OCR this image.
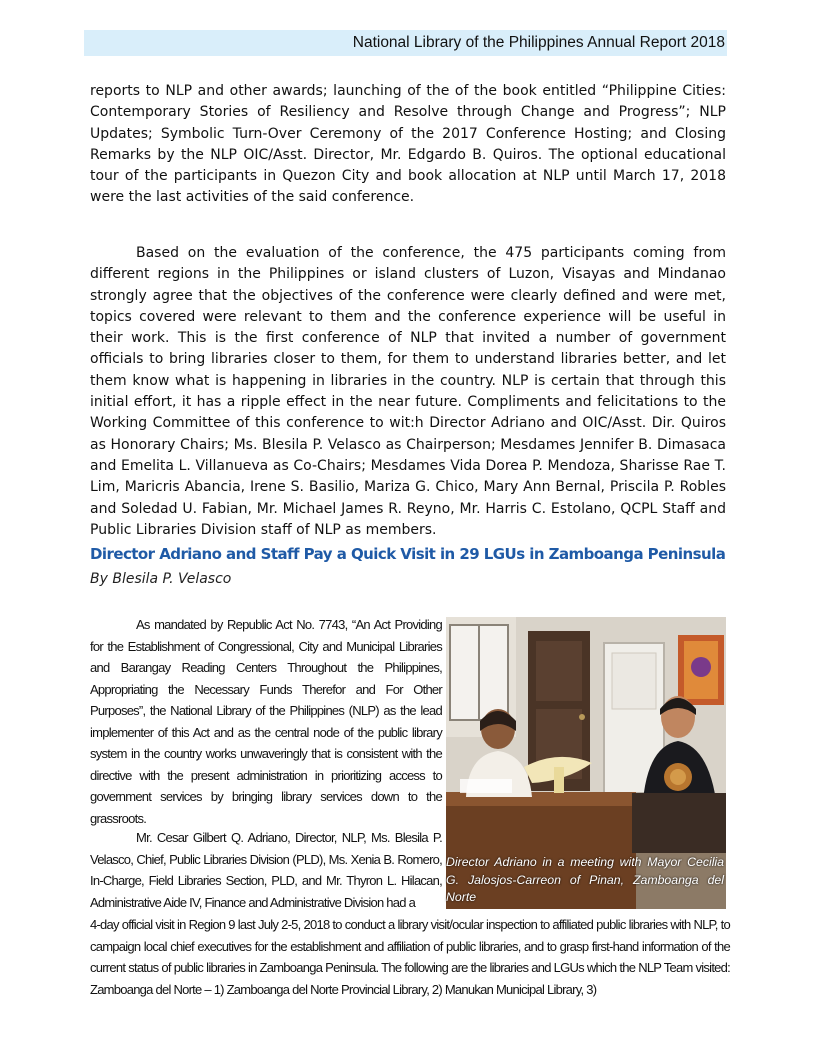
National Library of the Philippines Annual Report 2018

reports to NLP and other awards; launching of the of the book entitled “Philippine Cities: Contemporary Stories of Resiliency and Resolve through Change and Progress”; NLP Updates; Symbolic Turn-Over Ceremony of the 2017 Conference Hosting; and Closing Remarks by the NLP OIC/Asst. Director, Mr. Edgardo B. Quiros. The optional educational tour of the participants in Quezon City and book allocation at NLP until March 17, 2018 were the last activities of the said conference.

Based on the evaluation of the conference, the 475 participants coming from different regions in the Philippines or island clusters of Luzon, Visayas and Mindanao strongly agree that the objectives of the conference were clearly defined and were met, topics covered were relevant to them and the conference experience will be useful in their work. This is the first conference of NLP that invited a number of government officials to bring libraries closer to them, for them to understand libraries better, and let them know what is happening in libraries in the country. NLP is certain that through this initial effort, it has a ripple effect in the near future. Compliments and felicitations to the Working Committee of this conference to wit:h Director Adriano and OIC/Asst. Dir. Quiros as Honorary Chairs; Ms. Blesila P. Velasco as Chairperson; Mesdames Jennifer B. Dimasaca and Emelita L. Villanueva as Co-Chairs; Mesdames Vida Dorea P. Mendoza, Sharisse Rae T. Lim, Maricris Abancia, Irene S. Basilio, Mariza G. Chico, Mary Ann Bernal, Priscila P. Robles and Soledad U. Fabian, Mr. Michael James R. Reyno, Mr. Harris C. Estolano, QCPL Staff and Public Libraries Division staff of NLP as members.

Director Adriano and Staff Pay a Quick Visit in 29 LGUs in Zamboanga Peninsula
By Blesila P. Velasco

As mandated by Republic Act No. 7743, “An Act Providing for the Establishment of Congressional, City and Municipal Libraries and Barangay Reading Centers Throughout the Philippines, Appropriating the Necessary Funds Therefor and For Other Purposes”, the National Library of the Philippines (NLP) as the lead implementer of this Act and as the central node of the public library system in the country works unwaveringly that is consistent with the directive with the present administration in prioritizing access to government services by bringing library services down to the grassroots.

Mr. Cesar Gilbert Q. Adriano, Director, NLP, Ms. Blesila P. Velasco, Chief, Public Libraries Division (PLD), Ms. Xenia B. Romero, In-Charge, Field Libraries Section, PLD, and Mr. Thyron L. Hilacan, Administrative Aide IV, Finance and Administrative Division had a

Director Adriano in a meeting with Mayor Cecilia G. Jalosjos-Carreon of Pinan, Zamboanga del Norte

4-day official visit in Region 9 last July 2-5, 2018 to conduct a library visit/ocular inspection to affiliated public libraries with NLP, to campaign local chief executives for the establishment and affiliation of public libraries, and to grasp first-hand information of the current status of public libraries in Zamboanga Peninsula. The following are the libraries and LGUs which the NLP Team visited: Zamboanga del Norte – 1) Zamboanga del Norte Provincial Library, 2) Manukan Municipal Library, 3)
